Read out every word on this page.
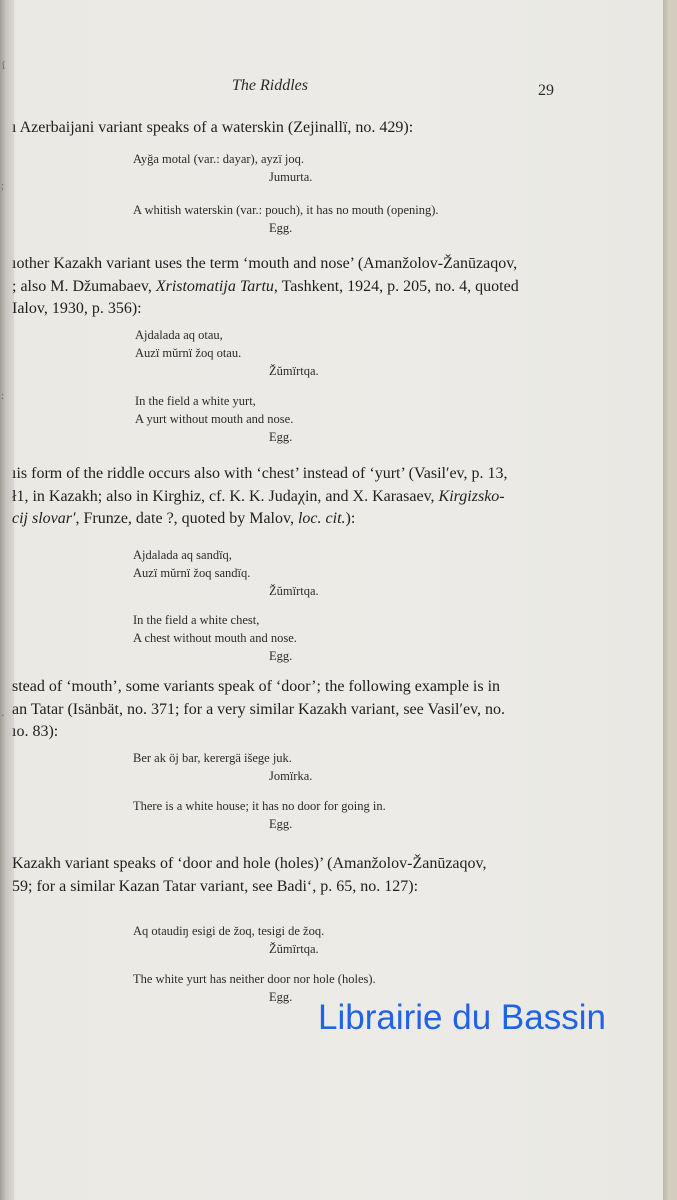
ſ
;
:
·
The Riddles	29
ı Azerbaijani variant speaks of a waterskin (Zejinallï, no. 429):
Ayğa motal (var.: dayar), ayzï joq.
Jumurta.
A whitish waterskin (var.: pouch), it has no mouth (opening).
Egg.
ıother Kazakh variant uses the term ‘mouth and nose’ (Amanžolov-Žanūzaqov,
; also M. Džumabaev, Xristomatija Tartu, Tashkent, 1924, p. 205, no. 4, quoted
Ialov, 1930, p. 356):
Ajdalada aq otau,
Auzï mŭrnï žoq otau.
Žŭmïrtqa.
In the field a white yurt,
A yurt without mouth and nose.
Egg.
ıis form of the riddle occurs also with ‘chest’ instead of ‘yurt’ (Vasil′ev, p. 13,
ł1, in Kazakh; also in Kirghiz, cf. K. K. Judaχin, and X. Karasaev, Kirgizsko-
cij slovar′, Frunze, date ?, quoted by Malov, loc. cit.):
Ajdalada aq sandïq,
Auzï mŭrnï žoq sandïq.
Žŭmïrtqa.
In the field a white chest,
A chest without mouth and nose.
Egg.
stead of ‘mouth’, some variants speak of ‘door’; the following example is in
an Tatar (Isänbät, no. 371; for a very similar Kazakh variant, see Vasil′ev, no.
ıo. 83):
Ber ak öj bar, kerergä išege juk.
Jomïrka.
There is a white house; it has no door for going in.
Egg.
Kazakh variant speaks of ‘door and hole (holes)’ (Amanžolov-Žanūzaqov,
59; for a similar Kazan Tatar variant, see Badi‘, p. 65, no. 127):
Aq otaudiŋ esigi de žoq, tesigi de žoq.
Žŭmïrtqa.
The white yurt has neither door nor hole (holes).
Egg.
Librairie du Bassin
